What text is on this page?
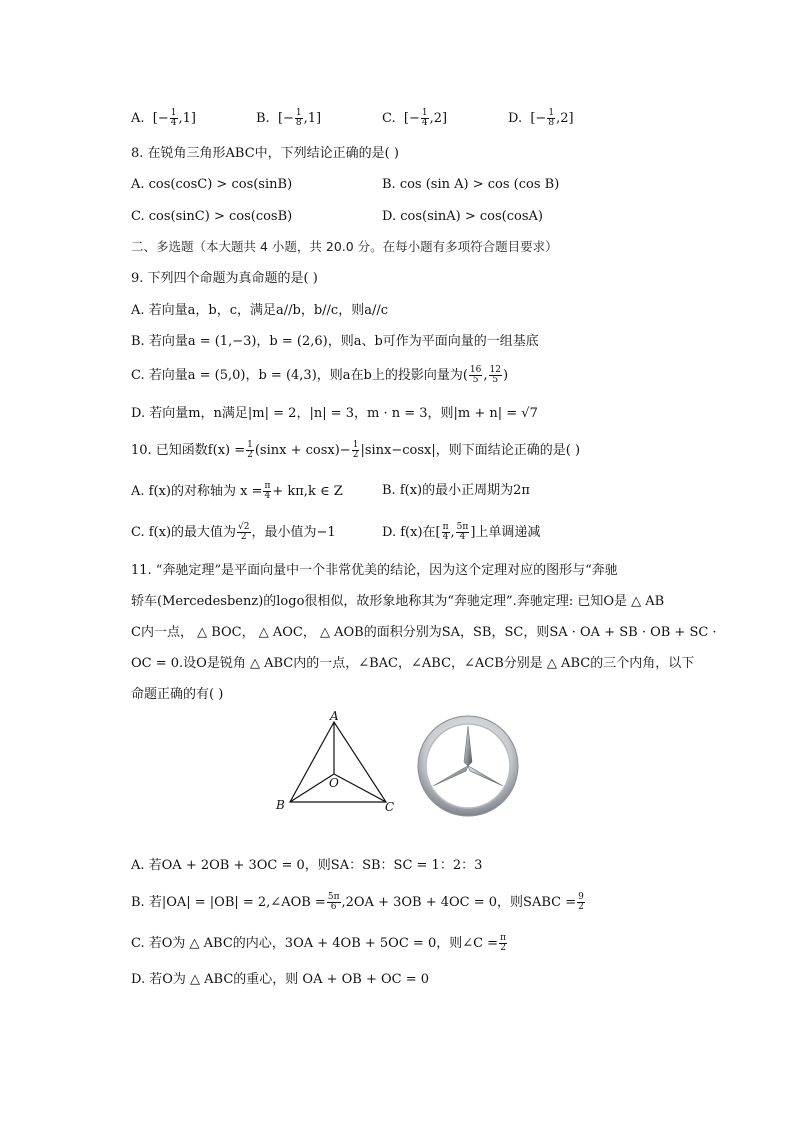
A. [− $\frac{1}{4} ,1$]	B. [− $\frac{1}{8} ,1$]	C. [− $\frac{1}{4} ,2$]	D. [− $\frac{1}{8} ,2$]
8. 在锐角三角形ABC中，下列结论正确的是( )
A. cos(cosC) > cos(sinB)	B. cos (sin A) > cos (cos B)
C. cos(sinC) > cos(cosB)	D. cos(sinA) > cos(cosA)
二、多选题（本大题共 4 小题，共 20.0 分。在每小题有多项符合题目要求）
9. 下列四个命题为真命题的是( )
A. 若向量a，b，c，满足a//b，b//c，则a//c
B. 若向量a = (1,−3)，b = (2,6)，则a、b可作为平面向量的一组基底
C. 若向量a = (5,0)，b = (4,3)，则a在b上的投影向量为( $\frac{16}{5}$ , $\frac{12}{5}$ )
D. 若向量m，n满足|m| = 2，|n| = 3，m · n = 3，则|m + n| = √7
10. 已知函数$f(x) = \frac{1}{2} (\sin x + \cos x)- \frac{1}{2} |\sin x-\cos x|$，则下面结论正确的是( )
A. f(x)的对称轴为 $x = \frac{\pi}{4} + k\pi,k$ ∈ Z	B. f(x)的最小正周期为2π
C. f(x)的最大值为 $\frac{√2}{2}$ ，最小值为−1	D. f(x)在[ $\frac{\pi}{4}$ , $\frac{5\pi}{4}$ ]上单调递减
11. “奔驰定理”是平面向量中一个非常优美的结论，因为这个定理对应的图形与“奔驰
轿车(Mercedesbenz)的logo很相似，故形象地称其为“奔驰定理”.奔驰定理: 已知O是 △ AB
C内一点， △ BOC， △ AOC， △ AOB的面积分别为SA，SB，SC，则SA · OA + SB · OB + SC ·
OC = 0.设O是锐角 △ ABC内的一点，∠BAC，∠ABC，∠ACB分别是 △ ABC的三个内角，以下
命题正确的有( )
A
B	C
O
A. 若OA + 2OB + 3OC = 0，则SA：SB：SC = 1：2：3
B. 若|OA| = |OB| = 2,∠AOB = $\frac{5\pi}{6} ,2OA + 3OB + 4OC = 0$，则SABC = $\frac{9}{2}$
C. 若O为 △ ABC的内心，3OA + 4OB + 5OC = 0，则∠C = $\frac{\pi}{2}$
D. 若O为 △ ABC的重心，则 OA + OB + OC = 0
